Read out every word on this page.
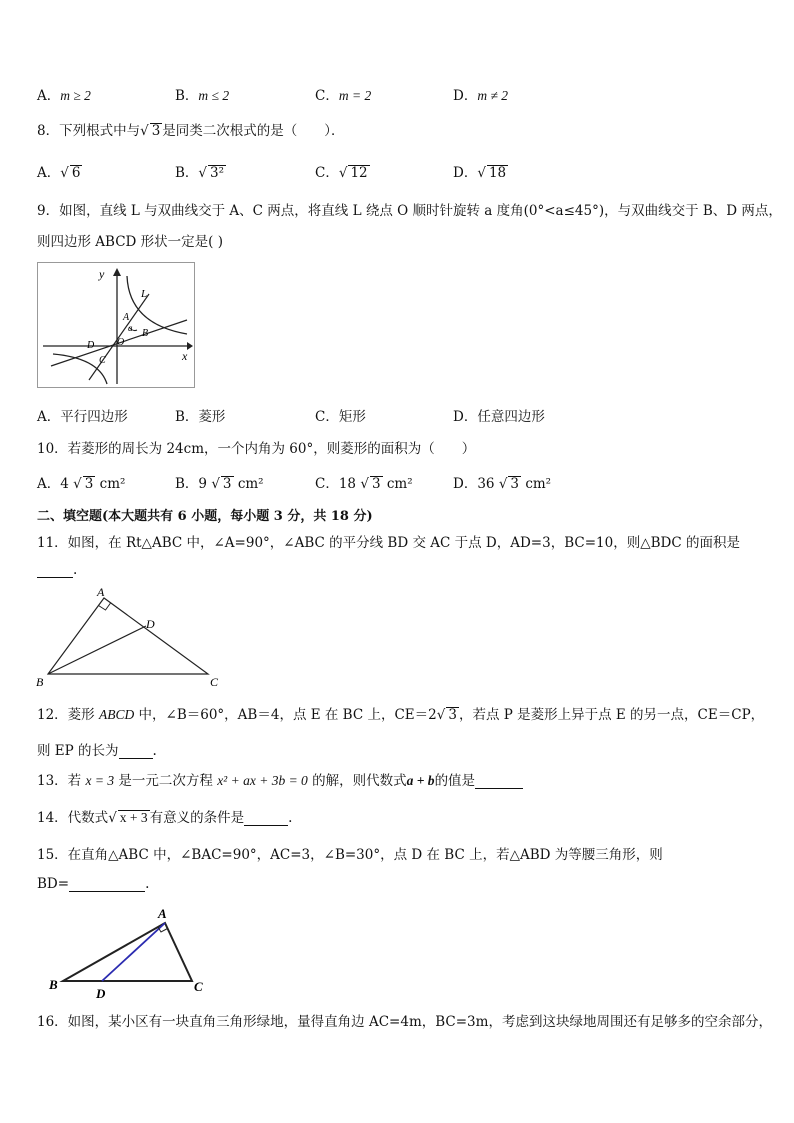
A．m ≥ 2	B．m ≤ 2	C．m = 2	D．m ≠ 2
8．下列根式中与√ 3 是同类二次根式的是（　　）．
A．√ 6	B．√ 3²	C．√ 12	D．√ 18
9．如图，直线 L 与双曲线交于 A、C 两点，将直线 L 绕点 O 顺时针旋转 a 度角(0°<a≤45°)，与双曲线交于 B、D 两点，
则四边形 ABCD 形状一定是( )
y
x
L
A
a B
O
D
C
A．平行四边形	B．菱形	C．矩形	D．任意四边形
10．若菱形的周长为 24cm，一个内角为 60°，则菱形的面积为（　　）
A．4 √ 3 cm²	B．9 √ 3 cm²	C．18 √ 3 cm²	D．36 √ 3 cm²
二、填空题(本大题共有 6 小题，每小题 3 分，共 18 分)
11．如图，在 Rt△ABC 中，∠A=90°，∠ABC 的平分线 BD 交 AC 于点 D，AD=3，BC=10，则△BDC 的面积是
.
A
D
B	C
12．菱形 ABCD 中，∠B＝60°，AB＝4，点 E 在 BC 上，CE＝2√ 3 ，若点 P 是菱形上异于点 E 的另一点，CE＝CP，
则 EP 的长为	.
13．若 x = 3 是一元二次方程 x² + ax + 3b = 0 的解，则代数式a + b的值是
14．代数式√ x + 3 有意义的条件是	.
15．在直角△ABC 中，∠BAC=90°，AC=3，∠B=30°，点 D 在 BC 上，若△ABD 为等腰三角形，则
BD=	.
A
B
D	C
16．如图，某小区有一块直角三角形绿地，量得直角边 AC=4m，BC=3m，考虑到这块绿地周围还有足够多的空余部分，
